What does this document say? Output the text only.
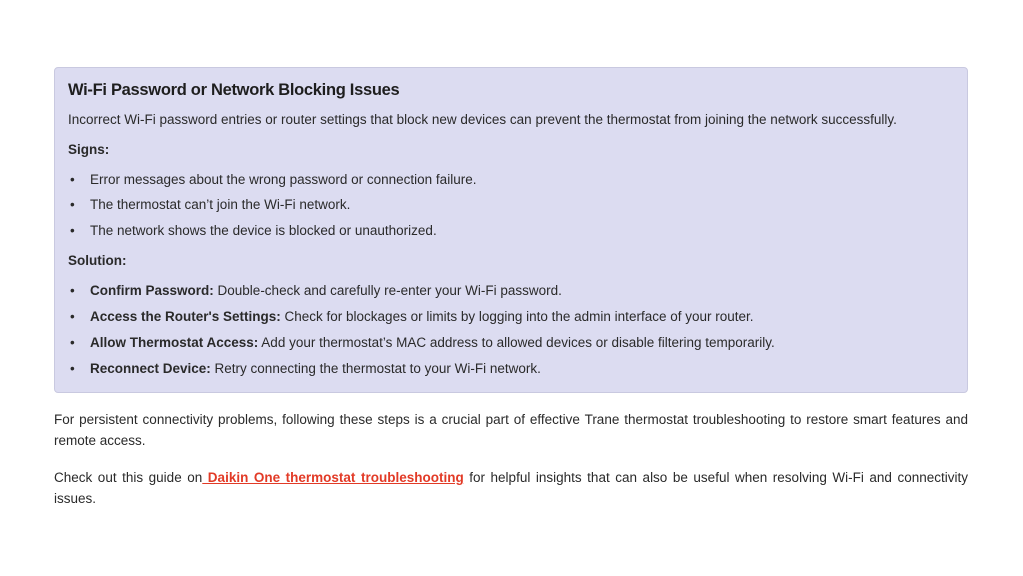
Wi-Fi Password or Network Blocking Issues
Incorrect Wi-Fi password entries or router settings that block new devices can prevent the thermostat from joining the network successfully.
Signs:
• Error messages about the wrong password or connection failure.
• The thermostat can’t join the Wi-Fi network.
• The network shows the device is blocked or unauthorized.
Solution:
• Confirm Password: Double-check and carefully re-enter your Wi-Fi password.
• Access the Router's Settings: Check for blockages or limits by logging into the admin interface of your router.
• Allow Thermostat Access: Add your thermostat’s MAC address to allowed devices or disable filtering temporarily.
• Reconnect Device: Retry connecting the thermostat to your Wi-Fi network.
For persistent connectivity problems, following these steps is a crucial part of effective Trane thermostat troubleshooting to restore smart features and remote access.
Check out this guide on Daikin One thermostat troubleshooting for helpful insights that can also be useful when resolving Wi-Fi and connectivity issues.
